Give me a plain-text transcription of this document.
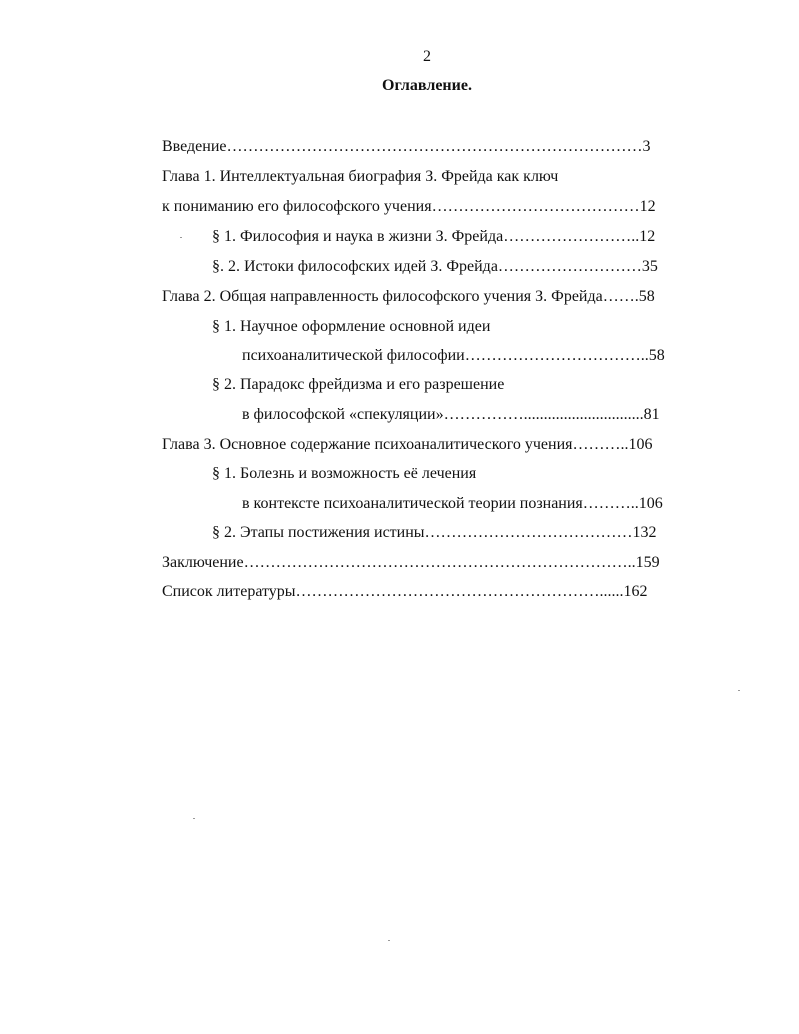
2
Оглавление.
Введение……………………………………………………………………3
Глава 1. Интеллектуальная биография З. Фрейда как ключ
к пониманию его философского учения…………………………………12
§ 1. Философия и наука в жизни З. Фрейда……………………..12
§. 2. Истоки философских идей З. Фрейда………………………35
Глава 2. Общая направленность философского учения З. Фрейда…….58
§ 1. Научное оформление основной идеи
психоаналитической философии……………………………..58
§ 2. Парадокс фрейдизма и его разрешение
в философской «спекуляции»……………..............................81
Глава 3. Основное содержание психоаналитического учения………..106
§ 1. Болезнь и возможность её лечения
в контексте психоаналитической теории познания………..106
§ 2. Этапы постижения истины…………………………………132
Заключение………………………………………………………………..159
Список литературы…………………………………………………......162
